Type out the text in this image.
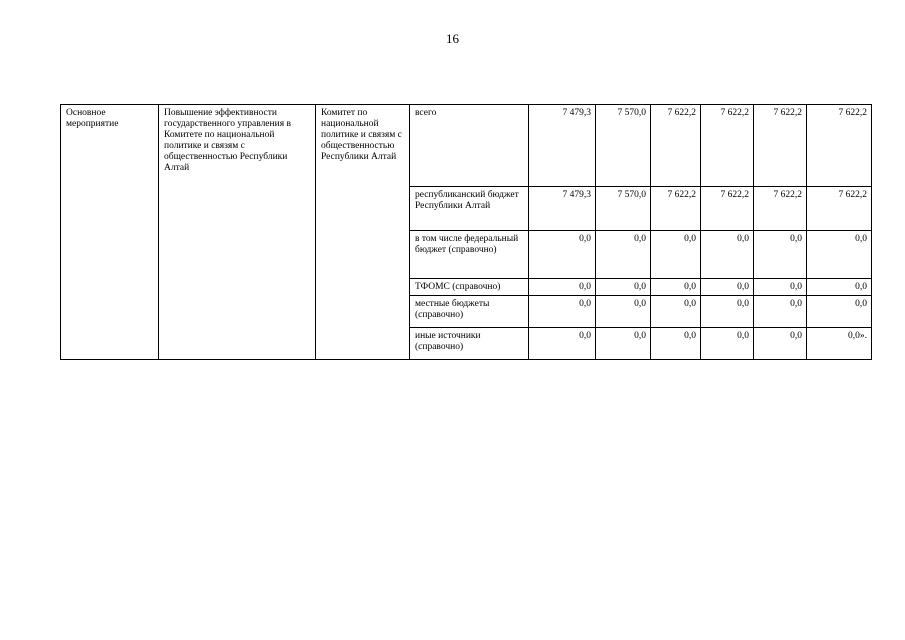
16
Основное мероприятие	Повышение эффективности государственного управления в Комитете по национальной политике и связям с общественностью Республики Алтай	Комитет по национальной политике и связям с общественностью Республики Алтай	всего	7 479,3	7 570,0	7 622,2	7 622,2	7 622,2	7 622,2
			республиканский бюджет Республики Алтай	7 479,3	7 570,0	7 622,2	7 622,2	7 622,2	7 622,2
			в том числе федеральный бюджет (справочно)	0,0	0,0	0,0	0,0	0,0	0,0
			ТФОМС (справочно)	0,0	0,0	0,0	0,0	0,0	0,0
			местные бюджеты (справочно)	0,0	0,0	0,0	0,0	0,0	0,0
			иные источники (справочно)	0,0	0,0	0,0	0,0	0,0	0,0».
